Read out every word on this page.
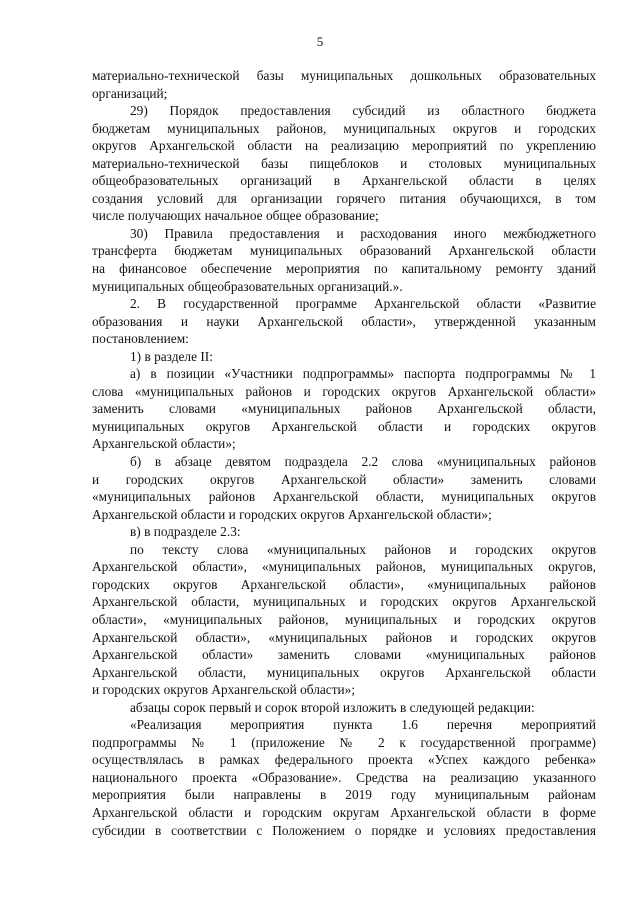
5
материально-технической базы муниципальных дошкольных образовательных
организаций;
29) Порядок предоставления субсидий из областного бюджета
бюджетам муниципальных районов, муниципальных округов и городских
округов Архангельской области на реализацию мероприятий по укреплению
материально-технической базы пищеблоков и столовых муниципальных
общеобразовательных организаций в Архангельской области в целях
создания условий для организации горячего питания обучающихся, в том
числе получающих начальное общее образование;
30) Правила предоставления и расходования иного межбюджетного
трансферта бюджетам муниципальных образований Архангельской области
на финансовое обеспечение мероприятия по капитальному ремонту зданий
муниципальных общеобразовательных организаций.».
2. В государственной программе Архангельской области «Развитие
образования и науки Архангельской области», утвержденной указанным
постановлением:
1) в разделе II:
а) в позиции «Участники подпрограммы» паспорта подпрограммы № 1
слова «муниципальных районов и городских округов Архангельской области»
заменить словами «муниципальных районов Архангельской области,
муниципальных округов Архангельской области и городских округов
Архангельской области»;
б) в абзаце девятом подраздела 2.2 слова «муниципальных районов
и городских округов Архангельской области» заменить словами
«муниципальных районов Архангельской области, муниципальных округов
Архангельской области и городских округов Архангельской области»;
в) в подразделе 2.3:
по тексту слова «муниципальных районов и городских округов
Архангельской области», «муниципальных районов, муниципальных округов,
городских округов Архангельской области», «муниципальных районов
Архангельской области, муниципальных и городских округов Архангельской
области», «муниципальных районов, муниципальных и городских округов
Архангельской области», «муниципальных районов и городских округов
Архангельской области» заменить словами «муниципальных районов
Архангельской области, муниципальных округов Архангельской области
и городских округов Архангельской области»;
абзацы сорок первый и сорок второй изложить в следующей редакции:
«Реализация мероприятия пункта 1.6 перечня мероприятий
подпрограммы № 1 (приложение № 2 к государственной программе)
осуществлялась в рамках федерального проекта «Успех каждого ребенка»
национального проекта «Образование». Средства на реализацию указанного
мероприятия были направлены в 2019 году муниципальным районам
Архангельской области и городским округам Архангельской области в форме
субсидии в соответствии с Положением о порядке и условиях предоставления
